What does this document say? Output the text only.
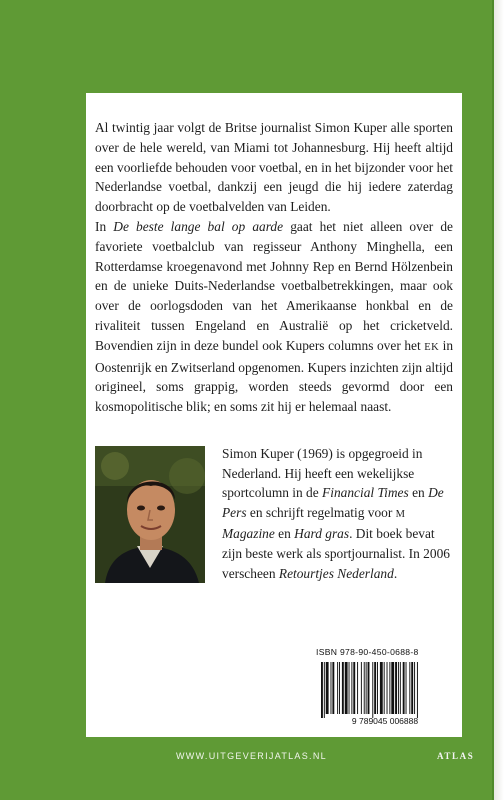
Al twintig jaar volgt de Britse journalist Simon Kuper alle sporten over de hele wereld, van Miami tot Johannesburg. Hij heeft altijd een voorliefde behouden voor voetbal, en in het bijzonder voor het Nederlandse voetbal, dankzij een jeugd die hij iedere zaterdag doorbracht op de voetbalvelden van Leiden.

In De beste lange bal op aarde gaat het niet alleen over de favoriete voetbalclub van regisseur Anthony Minghella, een Rotterdamse kroegenavond met Johnny Rep en Bernd Hölzenbein en de unieke Duits-Nederlandse voetbalbetrekkingen, maar ook over de oorlogsdoden van het Amerikaanse honkbal en de rivaliteit tussen Engeland en Australië op het cricketveld. Bovendien zijn in deze bundel ook Kupers columns over het EK in Oostenrijk en Zwitserland opgenomen. Kupers inzichten zijn altijd origineel, soms grappig, worden steeds gevormd door een kosmopolitische blik; en soms zit hij er helemaal naast.

Simon Kuper (1969) is opgegroeid in Nederland. Hij heeft een wekelijkse sportcolumn in de Financial Times en De Pers en schrijft regelmatig voor M Magazine en Hard gras. Dit boek bevat zijn beste werk als sportjournalist. In 2006 verscheen Retourtjes Nederland.

ISBN 978-90-450-0688-8
9 789045 006888
WWW.UITGEVERIJATLAS.NL	ATLAS
